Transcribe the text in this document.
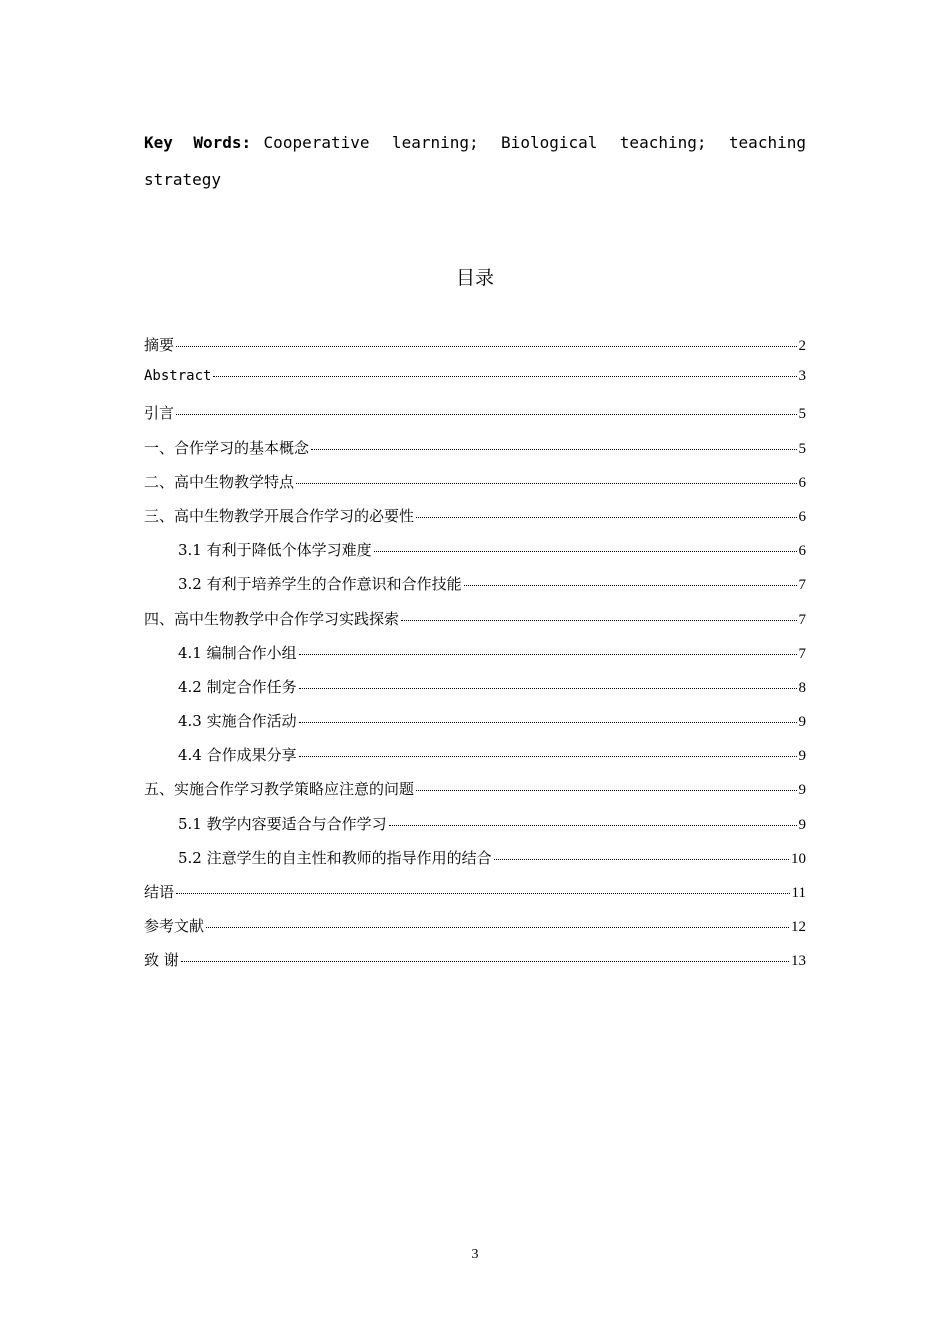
Key Words: Cooperative learning; Biological teaching; teaching strategy
目录
摘要	2
Abstract	3
引言	5
一、合作学习的基本概念	5
二、高中生物教学特点	6
三、高中生物教学开展合作学习的必要性	6
3.1 有利于降低个体学习难度	6
3.2 有利于培养学生的合作意识和合作技能	7
四、高中生物教学中合作学习实践探索	7
4.1 编制合作小组	7
4.2 制定合作任务	8
4.3 实施合作活动	9
4.4 合作成果分享	9
五、实施合作学习教学策略应注意的问题	9
5.1 教学内容要适合与合作学习	9
5.2 注意学生的自主性和教师的指导作用的结合	10
结语	11
参考文献	12
致 谢	13
3
